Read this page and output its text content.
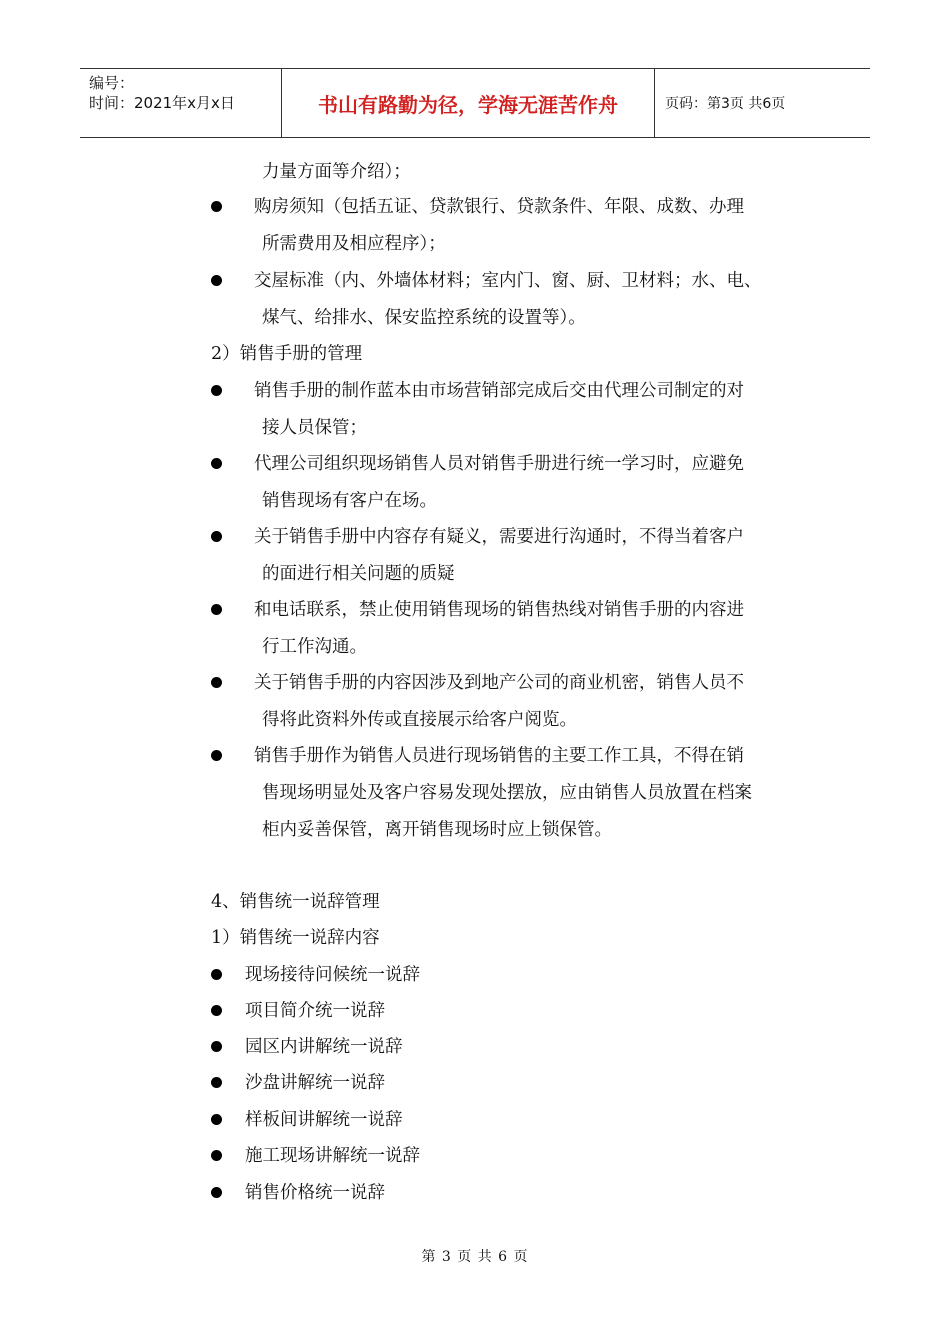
编号：
时间：2021年x月x日	书山有路勤为径，学海无涯苦作舟	页码：第3页 共6页
力量方面等介绍）；
购房须知（包括五证、贷款银行、贷款条件、年限、成数、办理
所需费用及相应程序）；
交屋标准（内、外墙体材料；室内门、窗、厨、卫材料；水、电、
煤气、给排水、保安监控系统的设置等）。
2）销售手册的管理
销售手册的制作蓝本由市场营销部完成后交由代理公司制定的对
接人员保管；
代理公司组织现场销售人员对销售手册进行统一学习时，应避免
销售现场有客户在场。
关于销售手册中内容存有疑义，需要进行沟通时，不得当着客户
的面进行相关问题的质疑
和电话联系，禁止使用销售现场的销售热线对销售手册的内容进
行工作沟通。
关于销售手册的内容因涉及到地产公司的商业机密，销售人员不
得将此资料外传或直接展示给客户阅览。
销售手册作为销售人员进行现场销售的主要工作工具，不得在销
售现场明显处及客户容易发现处摆放，应由销售人员放置在档案
柜内妥善保管，离开销售现场时应上锁保管。
4、销售统一说辞管理
1）销售统一说辞内容
现场接待问候统一说辞
项目简介统一说辞
园区内讲解统一说辞
沙盘讲解统一说辞
样板间讲解统一说辞
施工现场讲解统一说辞
销售价格统一说辞
第 3 页 共 6 页
